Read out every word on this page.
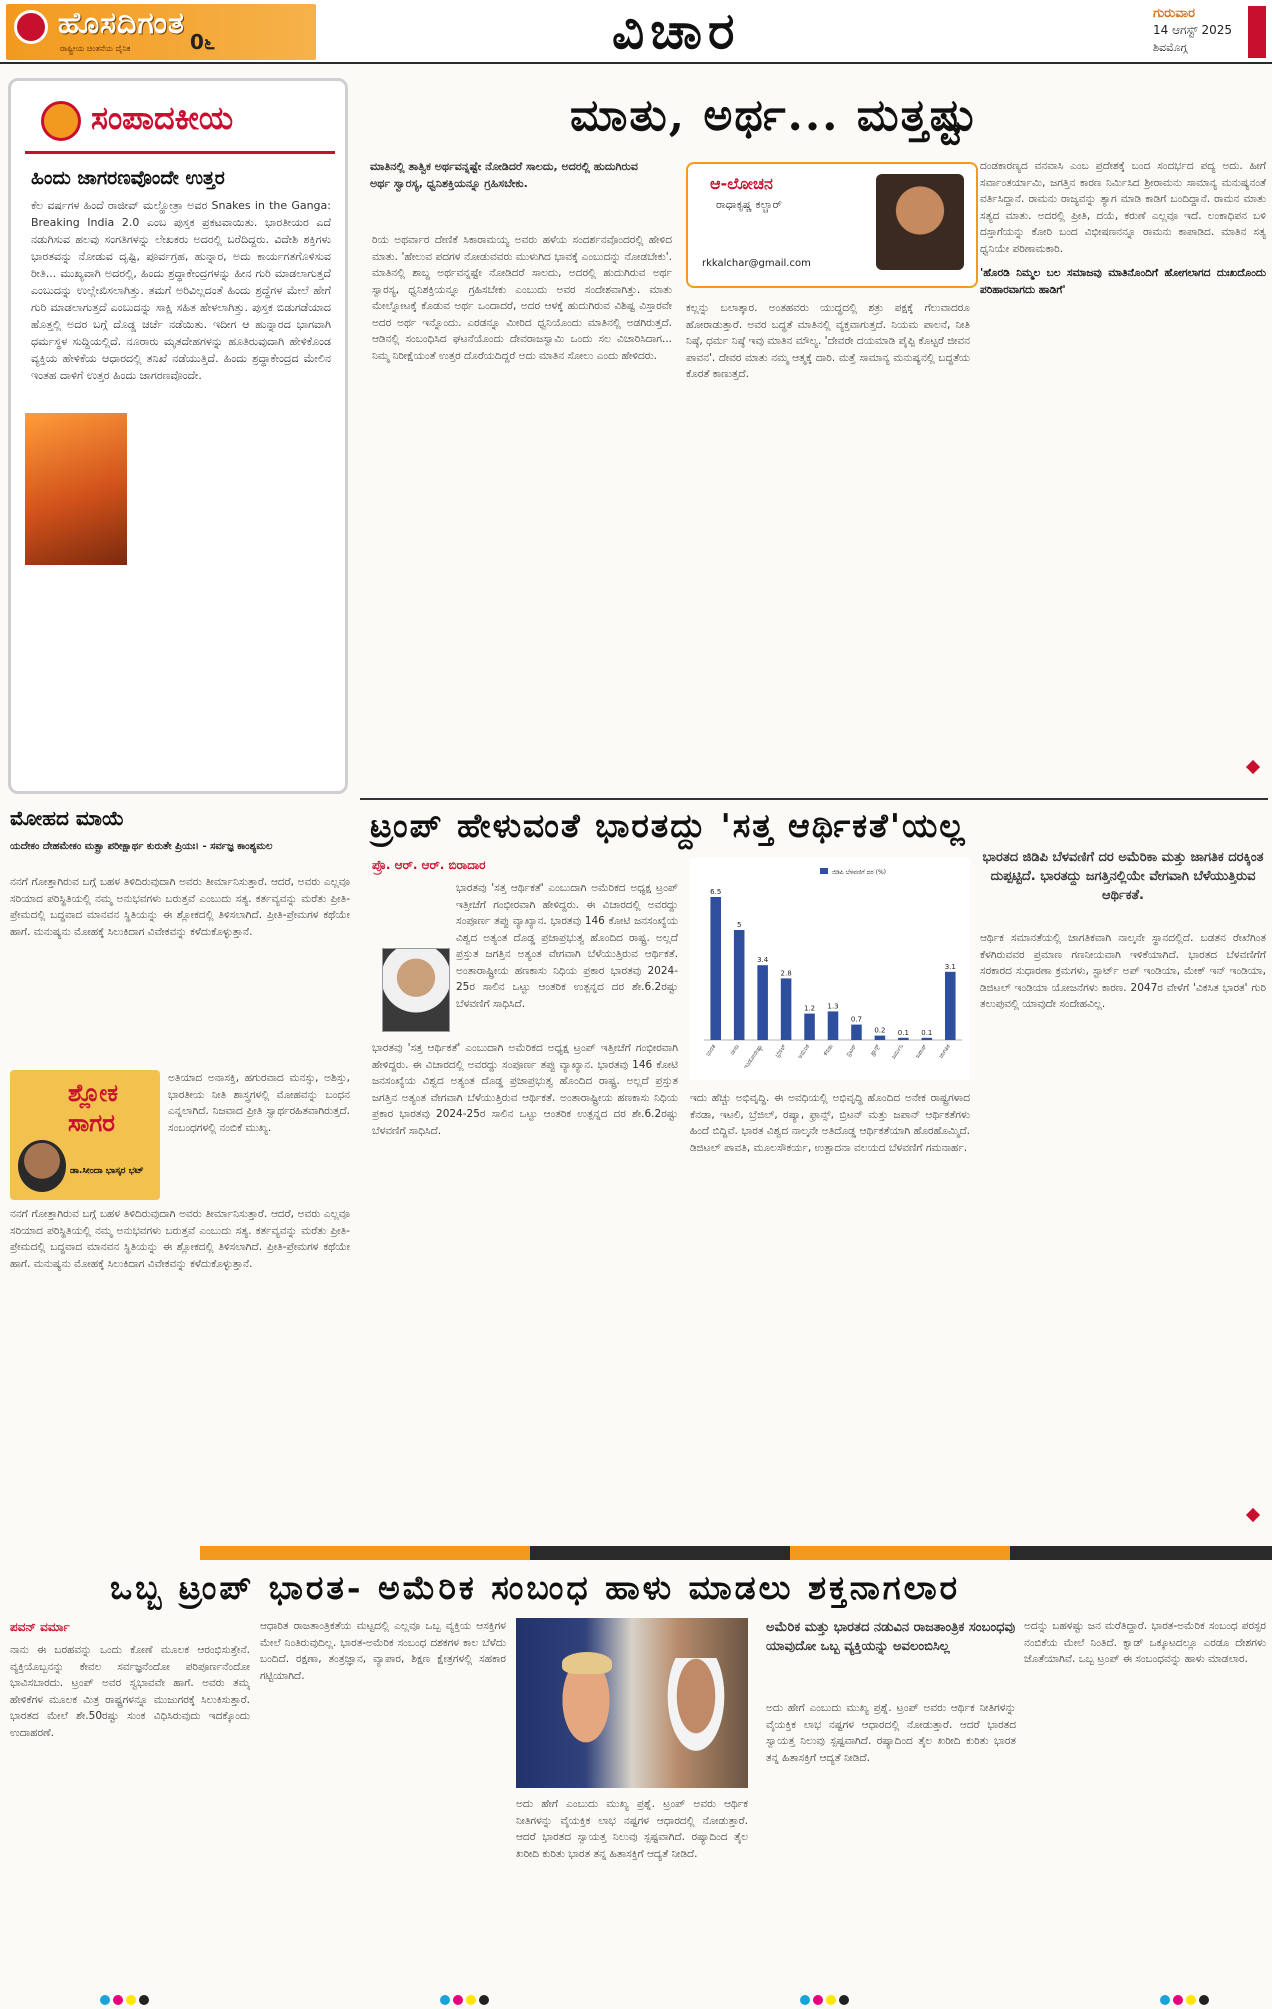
ಹೊಸದಿಗಂತ
ರಾಷ್ಟ್ರೀಯ ಚಿಂತನೆಯ ದೈನಿಕ	0೬	ವಿಚಾರ	ಗುರುವಾರ
14 ಆಗಸ್ಟ್ 2025
ಶಿವಮೊಗ್ಗ
ಸಂಪಾದಕೀಯ
ಹಿಂದು ಜಾಗರಣವೊಂದೇ ಉತ್ತರ
ಕೆಲ ವರ್ಷಗಳ ಹಿಂದೆ ರಾಜೀವ್ ಮಲ್ಹೋತ್ರಾ ಅವರ Snakes in the Ganga: Breaking India 2.0 ಎಂಬ ಪುಸ್ತಕ ಪ್ರಕಟವಾಯಿತು. ಭಾರತೀಯರ ಎದೆ ನಡುಗಿಸುವ ಹಲವು ಸಂಗತಿಗಳನ್ನು ಲೇಖಕರು ಅದರಲ್ಲಿ ಬರೆದಿದ್ದರು. ವಿದೇಶಿ ಶಕ್ತಿಗಳು ಭಾರತವನ್ನು ನೋಡುವ ದೃಷ್ಟಿ, ಪೂರ್ವಗ್ರಹ, ಹುನ್ನಾರ, ಅದು ಕಾರ್ಯಗತಗೊಳಿಸುವ ರೀತಿ... ಮುಖ್ಯವಾಗಿ ಅದರಲ್ಲಿ, ಹಿಂದು ಶ್ರದ್ಧಾಕೇಂದ್ರಗಳನ್ನು ಹೀನ ಗುರಿ ಮಾಡಲಾಗುತ್ತದೆ ಎಂಬುದನ್ನು ಉಲ್ಲೇಖಿಸಲಾಗಿತ್ತು. ತಮಗೆ ಅರಿವಿಲ್ಲದಂತೆ ಹಿಂದು ಶ್ರದ್ಧೆಗಳ ಮೇಲೆ ಹೇಗೆ ಗುರಿ ಮಾಡಲಾಗುತ್ತದೆ ಎಂಬುದನ್ನು ಸಾಕ್ಷಿ ಸಹಿತ ಹೇಳಲಾಗಿತ್ತು. ಪುಸ್ತಕ ಬಿಡುಗಡೆಯಾದ ಹೊತ್ತಲ್ಲಿ ಅದರ ಬಗ್ಗೆ ದೊಡ್ಡ ಚರ್ಚೆ ನಡೆಯಿತು. ಇದೀಗ ಆ ಹುನ್ನಾರದ ಭಾಗವಾಗಿ ಧರ್ಮಸ್ಥಳ ಸುದ್ದಿಯಲ್ಲಿದೆ. ನೂರಾರು ಮೃತದೇಹಗಳನ್ನು ಹೂತಿರುವುದಾಗಿ ಹೇಳಿಕೊಂಡ ವ್ಯಕ್ತಿಯ ಹೇಳಿಕೆಯ ಆಧಾರದಲ್ಲಿ ತನಿಖೆ ನಡೆಯುತ್ತಿದೆ. ಹಿಂದು ಶ್ರದ್ಧಾಕೇಂದ್ರದ ಮೇಲಿನ ಇಂತಹ ದಾಳಿಗೆ ಉತ್ತರ ಹಿಂದು ಜಾಗರಣವೊಂದೇ.
ಮಾತು, ಅರ್ಥ... ಮತ್ತಷ್ಟು
ಮಾತಿನಲ್ಲಿ ತಾತ್ವಿಕ ಅರ್ಥವನ್ನಷ್ಟೇ ನೋಡಿದರೆ ಸಾಲದು, ಅದರಲ್ಲಿ ಹುದುಗಿರುವ ಅರ್ಥ ಸ್ವಾರಸ್ಯ, ಧ್ವನಿಶಕ್ತಿಯನ್ನೂ ಗ್ರಹಿಸಬೇಕು.	ಆ-ಲೋಚನ
ರಾಧಾಕೃಷ್ಣ ಕಲ್ಚಾರ್
rkkalchar@gmail.com
ರಿಯ ಅಥರ್ವಾರ ದೇಣಿಕೆ ಸಿಕಾರಾಮಯ್ಯ ಅವರು ಹಳೆಯ ಸಂದರ್ಶನವೊಂದರಲ್ಲಿ ಹೇಳಿದ ಮಾತು. 'ಹೇಲುವ ಪದಗಳ ನೋಡುವವರು ಮುಳುಗಿದ ಭಾವಕ್ಕೆ ಎಂಬುದನ್ನು ನೋಡಬೇಕು'. ಮಾತಿನಲ್ಲಿ ಶಾಬ್ದ ಅರ್ಥವನ್ನಷ್ಟೇ ನೋಡಿದರೆ ಸಾಲದು, ಅದರಲ್ಲಿ ಹುದುಗಿರುವ ಅರ್ಥ ಸ್ವಾರಸ್ಯ, ಧ್ವನಿಶಕ್ತಿಯನ್ನೂ ಗ್ರಹಿಸಬೇಕು ಎಂಬುದು ಅವರ ಸಂದೇಶವಾಗಿತ್ತು. ಮಾತು ಮೇಲ್ನೋಟಕ್ಕೆ ಕೊಡುವ ಅರ್ಥ ಒಂದಾದರೆ, ಅದರ ಆಳಕ್ಕೆ ಹುದುಗಿರುವ ವಿಶಿಷ್ಟ ವಿಸ್ತಾರವೇ ಅದರ ಅರ್ಥ ಇನ್ನೊಂದು. ಎರಡನ್ನೂ ಮೀರಿದ ಧ್ವನಿಯೊಂದು ಮಾತಿನಲ್ಲಿ ಅಡಗಿರುತ್ತದೆ. ಆಡಿನಲ್ಲಿ ಸಂಬಂಧಿಸಿದ ಘಟನೆಯೊಂದು ದೇವರಾಜಸ್ವಾಮಿ ಒಂದು ಸಲ ವಿಚಾರಿಸಿದಾಗ... ನಿಮ್ಮ ನಿರೀಕ್ಷೆಯಂತೆ ಉತ್ತರ ದೊರೆಯದಿದ್ದರೆ ಅದು ಮಾತಿನ ಸೋಲು ಎಂದು ಹೇಳಿದರು.
ಕಲ್ಲನ್ನು ಬಲಾತ್ಕಾರ. ಅಂತಹವರು ಯುದ್ಧದಲ್ಲಿ ಶತ್ರು ಪಕ್ಷಕ್ಕೆ ಗೆಲುವಾದರೂ ಹೋರಾಡುತ್ತಾರೆ. ಅವರ ಬದ್ಧತೆ ಮಾತಿನಲ್ಲಿ ವ್ಯಕ್ತವಾಗುತ್ತದೆ. ನಿಯಮ ಪಾಲನೆ, ನೀತಿ ನಿಷ್ಠೆ, ಧರ್ಮ ನಿಷ್ಠೆ ಇವು ಮಾತಿನ ಮೌಲ್ಯ. 'ದೇವರೇ ದಯಮಾಡಿ ಪೈಪ್ಪಿ ಕೊಟ್ಟರೆ ಜೀವನ ಪಾವನ'. ದೇವರ ಮಾತು ನಮ್ಮ ಆತ್ಮಕ್ಕೆ ದಾರಿ. ಮತ್ತೆ ಸಾಮಾನ್ಯ ಮನುಷ್ಯನಲ್ಲಿ ಬದ್ಧತೆಯ ಕೊರತೆ ಕಾಣುತ್ತದೆ.

ದಂಡಕಾರಣ್ಯದ ವನವಾಸಿ ಎಂಬ ಪ್ರದೇಶಕ್ಕೆ ಬಂದ ಸಂದರ್ಭದ ಪದ್ಯ ಅದು. ಹೀಗೆ ಸರ್ವಾಂತರ್ಯಾಮಿ, ಜಗತ್ತಿನ ಕಾರಣ ನಿರ್ಮಿಸಿದ ಶ್ರೀರಾಮನು ಸಾಮಾನ್ಯ ಮನುಷ್ಯನಂತೆ ವರ್ತಿಸಿದ್ದಾನೆ. ರಾಮನು ರಾಜ್ಯವನ್ನು ತ್ಯಾಗ ಮಾಡಿ ಕಾಡಿಗೆ ಬಂದಿದ್ದಾನೆ. ರಾಮನ ಮಾತು ಸತ್ಯದ ಮಾತು. ಅದರಲ್ಲಿ ಪ್ರೀತಿ, ದಯೆ, ಕರುಣೆ ಎಲ್ಲವೂ ಇದೆ. ಲಂಕಾಧಿಪನ ಬಳಿ ದಸ್ತಾಗೆಯನ್ನು ಕೋರಿ ಬಂದ ವಿಭೀಷಣನನ್ನೂ ರಾಮನು ಕಾಪಾಡಿದ. ಮಾತಿನ ಸತ್ಯ ಧ್ವನಿಯೇ ಪರಿಣಾಮಕಾರಿ.

'ಹೊರಡಿ ನಿಮ್ಮಲ ಬಲ ಸಮಾಜವು ಮಾತಿನೊಂದಿಗೆ ಹೋಗಲಾಗದ ದುಃಖದೊಂದು ಪರಿಹಾರವಾಗದು ಹಾಡಿಗೆ'

ಮೋಹದ ಮಾಯೆ
ಯದೇಕಂ ದೇಹಮೇಕಂ ಮತ್ಪ್ರಾ ಪರೀಕ್ಷಾರ್ಥ ಕುರುತೇ ಪ್ರಿಯಃ। - ಸರ್ವಜ್ಞ ಕಾಂಶ್ಯಮಲ
ನನಗೆ ಗೋತ್ತಾಗಿರುವ ಬಗ್ಗೆ ಬಹಳ ತಿಳಿದಿರುವುದಾಗಿ ಅವರು ತೀರ್ಮಾನಿಸುತ್ತಾರೆ. ಆದರೆ, ಅವರು ಎಲ್ಲವೂ ಸರಿಯಾದ ಪರಿಸ್ಥಿತಿಯಲ್ಲಿ ನಮ್ಮ ಅನುಭವಗಳು ಬರುತ್ತವೆ ಎಂಬುದು ಸತ್ಯ. ಕರ್ತವ್ಯವನ್ನು ಮರೆತು ಪ್ರೀತಿ-ಪ್ರೇಮದಲ್ಲಿ ಬದ್ಧವಾದ ಮಾನವನ ಸ್ಥಿತಿಯನ್ನು ಈ ಶ್ಲೋಕದಲ್ಲಿ ತಿಳಿಸಲಾಗಿದೆ. ಪ್ರೀತಿ-ಪ್ರೇಮಗಳ ಕಥೆಯೇ ಹಾಗೆ. ಮನುಷ್ಯನು ಮೋಹಕ್ಕೆ ಸಿಲುಕಿದಾಗ ವಿವೇಕವನ್ನು ಕಳೆದುಕೊಳ್ಳುತ್ತಾನೆ.
ಶ್ಲೋಕ
ಸಾಗರ
ಡಾ.ಸೀಂದಾ ಭಾಸ್ಕರ ಭಟ್
ಅತಿಯಾದ ಅನಾಸಕ್ತಿ, ಹಗುರವಾದ ಮನಸ್ಸು, ಅಶಿಸ್ತು, ಭಾರತೀಯ ನೀತಿ ಶಾಸ್ತ್ರಗಳಲ್ಲಿ ಮೋಹವನ್ನು ಬಂಧನ ಎನ್ನಲಾಗಿದೆ. ನಿಜವಾದ ಪ್ರೀತಿ ಸ್ವಾರ್ಥರಹಿತವಾಗಿರುತ್ತದೆ. ಸಂಬಂಧಗಳಲ್ಲಿ ನಂಬಿಕೆ ಮುಖ್ಯ.
ನನಗೆ ಗೋತ್ತಾಗಿರುವ ಬಗ್ಗೆ ಬಹಳ ತಿಳಿದಿರುವುದಾಗಿ ಅವರು ತೀರ್ಮಾನಿಸುತ್ತಾರೆ. ಆದರೆ, ಅವರು ಎಲ್ಲವೂ ಸರಿಯಾದ ಪರಿಸ್ಥಿತಿಯಲ್ಲಿ ನಮ್ಮ ಅನುಭವಗಳು ಬರುತ್ತವೆ ಎಂಬುದು ಸತ್ಯ. ಕರ್ತವ್ಯವನ್ನು ಮರೆತು ಪ್ರೀತಿ-ಪ್ರೇಮದಲ್ಲಿ ಬದ್ಧವಾದ ಮಾನವನ ಸ್ಥಿತಿಯನ್ನು ಈ ಶ್ಲೋಕದಲ್ಲಿ ತಿಳಿಸಲಾಗಿದೆ. ಪ್ರೀತಿ-ಪ್ರೇಮಗಳ ಕಥೆಯೇ ಹಾಗೆ. ಮನುಷ್ಯನು ಮೋಹಕ್ಕೆ ಸಿಲುಕಿದಾಗ ವಿವೇಕವನ್ನು ಕಳೆದುಕೊಳ್ಳುತ್ತಾನೆ.
ಟ್ರಂಪ್ ಹೇಳುವಂತೆ ಭಾರತದ್ದು 'ಸತ್ತ ಆರ್ಥಿಕತೆ'ಯಲ್ಲ
ಪ್ರೊ. ಆರ್. ಆರ್. ಬಿರಾದಾರ
ಭಾರತವು 'ಸತ್ತ ಆರ್ಥಿಕತೆ' ಎಂಬುದಾಗಿ ಅಮೆರಿಕದ ಅಧ್ಯಕ್ಷ ಟ್ರಂಪ್ ಇತ್ತೀಚೆಗೆ ಗಂಭೀರವಾಗಿ ಹೇಳಿದ್ದರು. ಈ ವಿಚಾರದಲ್ಲಿ ಅವರದ್ದು ಸಂಪೂರ್ಣ ತಪ್ಪು ವ್ಯಾಖ್ಯಾನ. ಭಾರತವು 146 ಕೋಟಿ ಜನಸಂಖ್ಯೆಯ ವಿಶ್ವದ ಅತ್ಯಂತ ದೊಡ್ಡ ಪ್ರಜಾಪ್ರಭುತ್ವ ಹೊಂದಿದ ರಾಷ್ಟ್ರ. ಅಲ್ಲದೆ ಪ್ರಸ್ತುತ ಜಗತ್ತಿನ ಅತ್ಯಂತ ವೇಗವಾಗಿ ಬೆಳೆಯುತ್ತಿರುವ ಆರ್ಥಿಕತೆ. ಅಂತಾರಾಷ್ಟ್ರೀಯ ಹಣಕಾಸು ನಿಧಿಯ ಪ್ರಕಾರ ಭಾರತವು 2024-25ರ ಸಾಲಿನ ಒಟ್ಟು ಆಂತರಿಕ ಉತ್ಪನ್ನದ ದರ ಶೇ.6.2ರಷ್ಟು ಬೆಳವಣಿಗೆ ಸಾಧಿಸಿದೆ.
ಭಾರತವು 'ಸತ್ತ ಆರ್ಥಿಕತೆ' ಎಂಬುದಾಗಿ ಅಮೆರಿಕದ ಅಧ್ಯಕ್ಷ ಟ್ರಂಪ್ ಇತ್ತೀಚೆಗೆ ಗಂಭೀರವಾಗಿ ಹೇಳಿದ್ದರು. ಈ ವಿಚಾರದಲ್ಲಿ ಅವರದ್ದು ಸಂಪೂರ್ಣ ತಪ್ಪು ವ್ಯಾಖ್ಯಾನ. ಭಾರತವು 146 ಕೋಟಿ ಜನಸಂಖ್ಯೆಯ ವಿಶ್ವದ ಅತ್ಯಂತ ದೊಡ್ಡ ಪ್ರಜಾಪ್ರಭುತ್ವ ಹೊಂದಿದ ರಾಷ್ಟ್ರ. ಅಲ್ಲದೆ ಪ್ರಸ್ತುತ ಜಗತ್ತಿನ ಅತ್ಯಂತ ವೇಗವಾಗಿ ಬೆಳೆಯುತ್ತಿರುವ ಆರ್ಥಿಕತೆ. ಅಂತಾರಾಷ್ಟ್ರೀಯ ಹಣಕಾಸು ನಿಧಿಯ ಪ್ರಕಾರ ಭಾರತವು 2024-25ರ ಸಾಲಿನ ಒಟ್ಟು ಆಂತರಿಕ ಉತ್ಪನ್ನದ ದರ ಶೇ.6.2ರಷ್ಟು ಬೆಳವಣಿಗೆ ಸಾಧಿಸಿದೆ.
ಜಿಡಿಪಿ ಬೆಳವಣಿಗೆ ದರ (%)
6.5
ಭಾರತ
5
ಚೀನಾ
3.4
ಇಂಡೋನೇಷ್ಯಾ
2.8
ಬ್ರೆಜಿಲ್
1.2
ಅಮೆರಿಕ
1.3
ಕೆನಡಾ
0.7
ಬ್ರಿಟನ್
0.2
ಫ್ರಾನ್ಸ್
0.1
ಜರ್ಮನಿ
0.1
ಜಪಾನ್
3.1
ಜಾಗತಿಕ
ಇದು ಹೆಚ್ಚು ಅಭಿವೃದ್ಧಿ. ಈ ಅವಧಿಯಲ್ಲಿ ಅಭಿವೃದ್ಧಿ ಹೊಂದಿದ ಅನೇಕ ರಾಷ್ಟ್ರಗಳಾದ ಕೆನಡಾ, ಇಟಲಿ, ಬ್ರೆಜಿಲ್, ರಷ್ಯಾ, ಫ್ರಾನ್ಸ್, ಬ್ರಿಟನ್ ಮತ್ತು ಜಪಾನ್ ಆರ್ಥಿಕತೆಗಳು ಹಿಂದೆ ಬಿದ್ದಿವೆ. ಭಾರತ ವಿಶ್ವದ ನಾಲ್ಕನೇ ಅತಿದೊಡ್ಡ ಆರ್ಥಿಕತೆಯಾಗಿ ಹೊರಹೊಮ್ಮಿದೆ. ಡಿಜಿಟಲ್ ಪಾವತಿ, ಮೂಲಸೌಕರ್ಯ, ಉತ್ಪಾದನಾ ವಲಯದ ಬೆಳವಣಿಗೆ ಗಮನಾರ್ಹ.
ಭಾರತದ ಜಿಡಿಪಿ ಬೆಳವಣಿಗೆ ದರ ಅಮೆರಿಕಾ ಮತ್ತು ಜಾಗತಿಕ ದರಕ್ಕಿಂತ ದುಪ್ಪಟ್ಟಿದೆ. ಭಾರತದ್ದು ಜಗತ್ತಿನಲ್ಲಿಯೇ ವೇಗವಾಗಿ ಬೆಳೆಯುತ್ತಿರುವ ಆರ್ಥಿಕತೆ.
ಆರ್ಥಿಕ ಸಮಾನತೆಯಲ್ಲಿ ಜಾಗತಿಕವಾಗಿ ನಾಲ್ಕನೇ ಸ್ಥಾನದಲ್ಲಿದೆ. ಬಡತನ ರೇಖೆಗಿಂತ ಕೆಳಗಿರುವವರ ಪ್ರಮಾಣ ಗಣನೀಯವಾಗಿ ಇಳಿಕೆಯಾಗಿದೆ. ಭಾರತದ ಬೆಳವಣಿಗೆಗೆ ಸರಕಾರದ ಸುಧಾರಣಾ ಕ್ರಮಗಳು, ಸ್ಟಾರ್ಟ್ ಅಪ್ ಇಂಡಿಯಾ, ಮೇಕ್ ಇನ್ ಇಂಡಿಯಾ, ಡಿಜಿಟಲ್ ಇಂಡಿಯಾ ಯೋಜನೆಗಳು ಕಾರಣ. 2047ರ ವೇಳೆಗೆ 'ವಿಕಸಿತ ಭಾರತ' ಗುರಿ ತಲುಪುವಲ್ಲಿ ಯಾವುದೇ ಸಂದೇಹವಿಲ್ಲ.
ಒಬ್ಬ ಟ್ರಂಪ್ ಭಾರತ- ಅಮೆರಿಕ ಸಂಬಂಧ ಹಾಳು ಮಾಡಲು ಶಕ್ತನಾಗಲಾರ
ಪವನ್ ವರ್ಮಾ
ನಾನು ಈ ಬರಹವನ್ನು ಒಂದು ಕೋಣೆ ಮೂಲಕ ಆರಂಭಿಸುತ್ತೇನೆ. ವ್ಯಕ್ತಿಯೊಬ್ಬನನ್ನು ಕೇವಲ ಸರ್ವಜ್ಞನೆಂದೋ ಪರಿಪೂರ್ಣನೆಂದೋ ಭಾವಿಸಬಾರದು. ಟ್ರಂಪ್ ಅವರ ಸ್ವಭಾವವೇ ಹಾಗೆ. ಅವರು ತಮ್ಮ ಹೇಳಿಕೆಗಳ ಮೂಲಕ ಮಿತ್ರ ರಾಷ್ಟ್ರಗಳನ್ನೂ ಮುಜುಗರಕ್ಕೆ ಸಿಲುಕಿಸುತ್ತಾರೆ. ಭಾರತದ ಮೇಲೆ ಶೇ.50ರಷ್ಟು ಸುಂಕ ವಿಧಿಸಿರುವುದು ಇದಕ್ಕೊಂದು ಉದಾಹರಣೆ.
ಆಧಾರಿತ ರಾಜತಾಂತ್ರಿಕತೆಯ ಮಟ್ಟದಲ್ಲಿ ಎಲ್ಲವೂ ಒಬ್ಬ ವ್ಯಕ್ತಿಯ ಆಸಕ್ತಿಗಳ ಮೇಲೆ ನಿಂತಿರುವುದಿಲ್ಲ. ಭಾರತ-ಅಮೆರಿಕ ಸಂಬಂಧ ದಶಕಗಳ ಕಾಲ ಬೆಳೆದು ಬಂದಿದೆ. ರಕ್ಷಣಾ, ತಂತ್ರಜ್ಞಾನ, ವ್ಯಾಪಾರ, ಶಿಕ್ಷಣ ಕ್ಷೇತ್ರಗಳಲ್ಲಿ ಸಹಕಾರ ಗಟ್ಟಿಯಾಗಿದೆ.
ಅದು ಹೇಗೆ ಎಂಬುದು ಮುಖ್ಯ ಪ್ರಶ್ನೆ. ಟ್ರಂಪ್ ಅವರು ಆರ್ಥಿಕ ನೀತಿಗಳನ್ನು ವೈಯಕ್ತಿಕ ಲಾಭ ನಷ್ಟಗಳ ಆಧಾರದಲ್ಲಿ ನೋಡುತ್ತಾರೆ. ಆದರೆ ಭಾರತದ ಸ್ವಾಯತ್ತ ನಿಲುವು ಸ್ಪಷ್ಟವಾಗಿದೆ. ರಷ್ಯಾದಿಂದ ತೈಲ ಖರೀದಿ ಕುರಿತು ಭಾರತ ತನ್ನ ಹಿತಾಸಕ್ತಿಗೆ ಆದ್ಯತೆ ನೀಡಿದೆ.
ಅಮೆರಿಕ ಮತ್ತು ಭಾರತದ ನಡುವಿನ ರಾಜತಾಂತ್ರಿಕ ಸಂಬಂಧವು ಯಾವುದೋ ಒಬ್ಬ ವ್ಯಕ್ತಿಯನ್ನು ಅವಲಂಬಿಸಿಲ್ಲ
ಅದು ಹೇಗೆ ಎಂಬುದು ಮುಖ್ಯ ಪ್ರಶ್ನೆ. ಟ್ರಂಪ್ ಅವರು ಆರ್ಥಿಕ ನೀತಿಗಳನ್ನು ವೈಯಕ್ತಿಕ ಲಾಭ ನಷ್ಟಗಳ ಆಧಾರದಲ್ಲಿ ನೋಡುತ್ತಾರೆ. ಆದರೆ ಭಾರತದ ಸ್ವಾಯತ್ತ ನಿಲುವು ಸ್ಪಷ್ಟವಾಗಿದೆ. ರಷ್ಯಾದಿಂದ ತೈಲ ಖರೀದಿ ಕುರಿತು ಭಾರತ ತನ್ನ ಹಿತಾಸಕ್ತಿಗೆ ಆದ್ಯತೆ ನೀಡಿದೆ.
ಅದನ್ನು ಬಹಳಷ್ಟು ಜನ ಮರೆತಿದ್ದಾರೆ. ಭಾರತ-ಅಮೆರಿಕ ಸಂಬಂಧ ಪರಸ್ಪರ ನಂಬಿಕೆಯ ಮೇಲೆ ನಿಂತಿದೆ. ಕ್ವಾಡ್ ಒಕ್ಕೂಟದಲ್ಲೂ ಎರಡೂ ದೇಶಗಳು ಜೊತೆಯಾಗಿವೆ. ಒಬ್ಬ ಟ್ರಂಪ್ ಈ ಸಂಬಂಧವನ್ನು ಹಾಳು ಮಾಡಲಾರ.
